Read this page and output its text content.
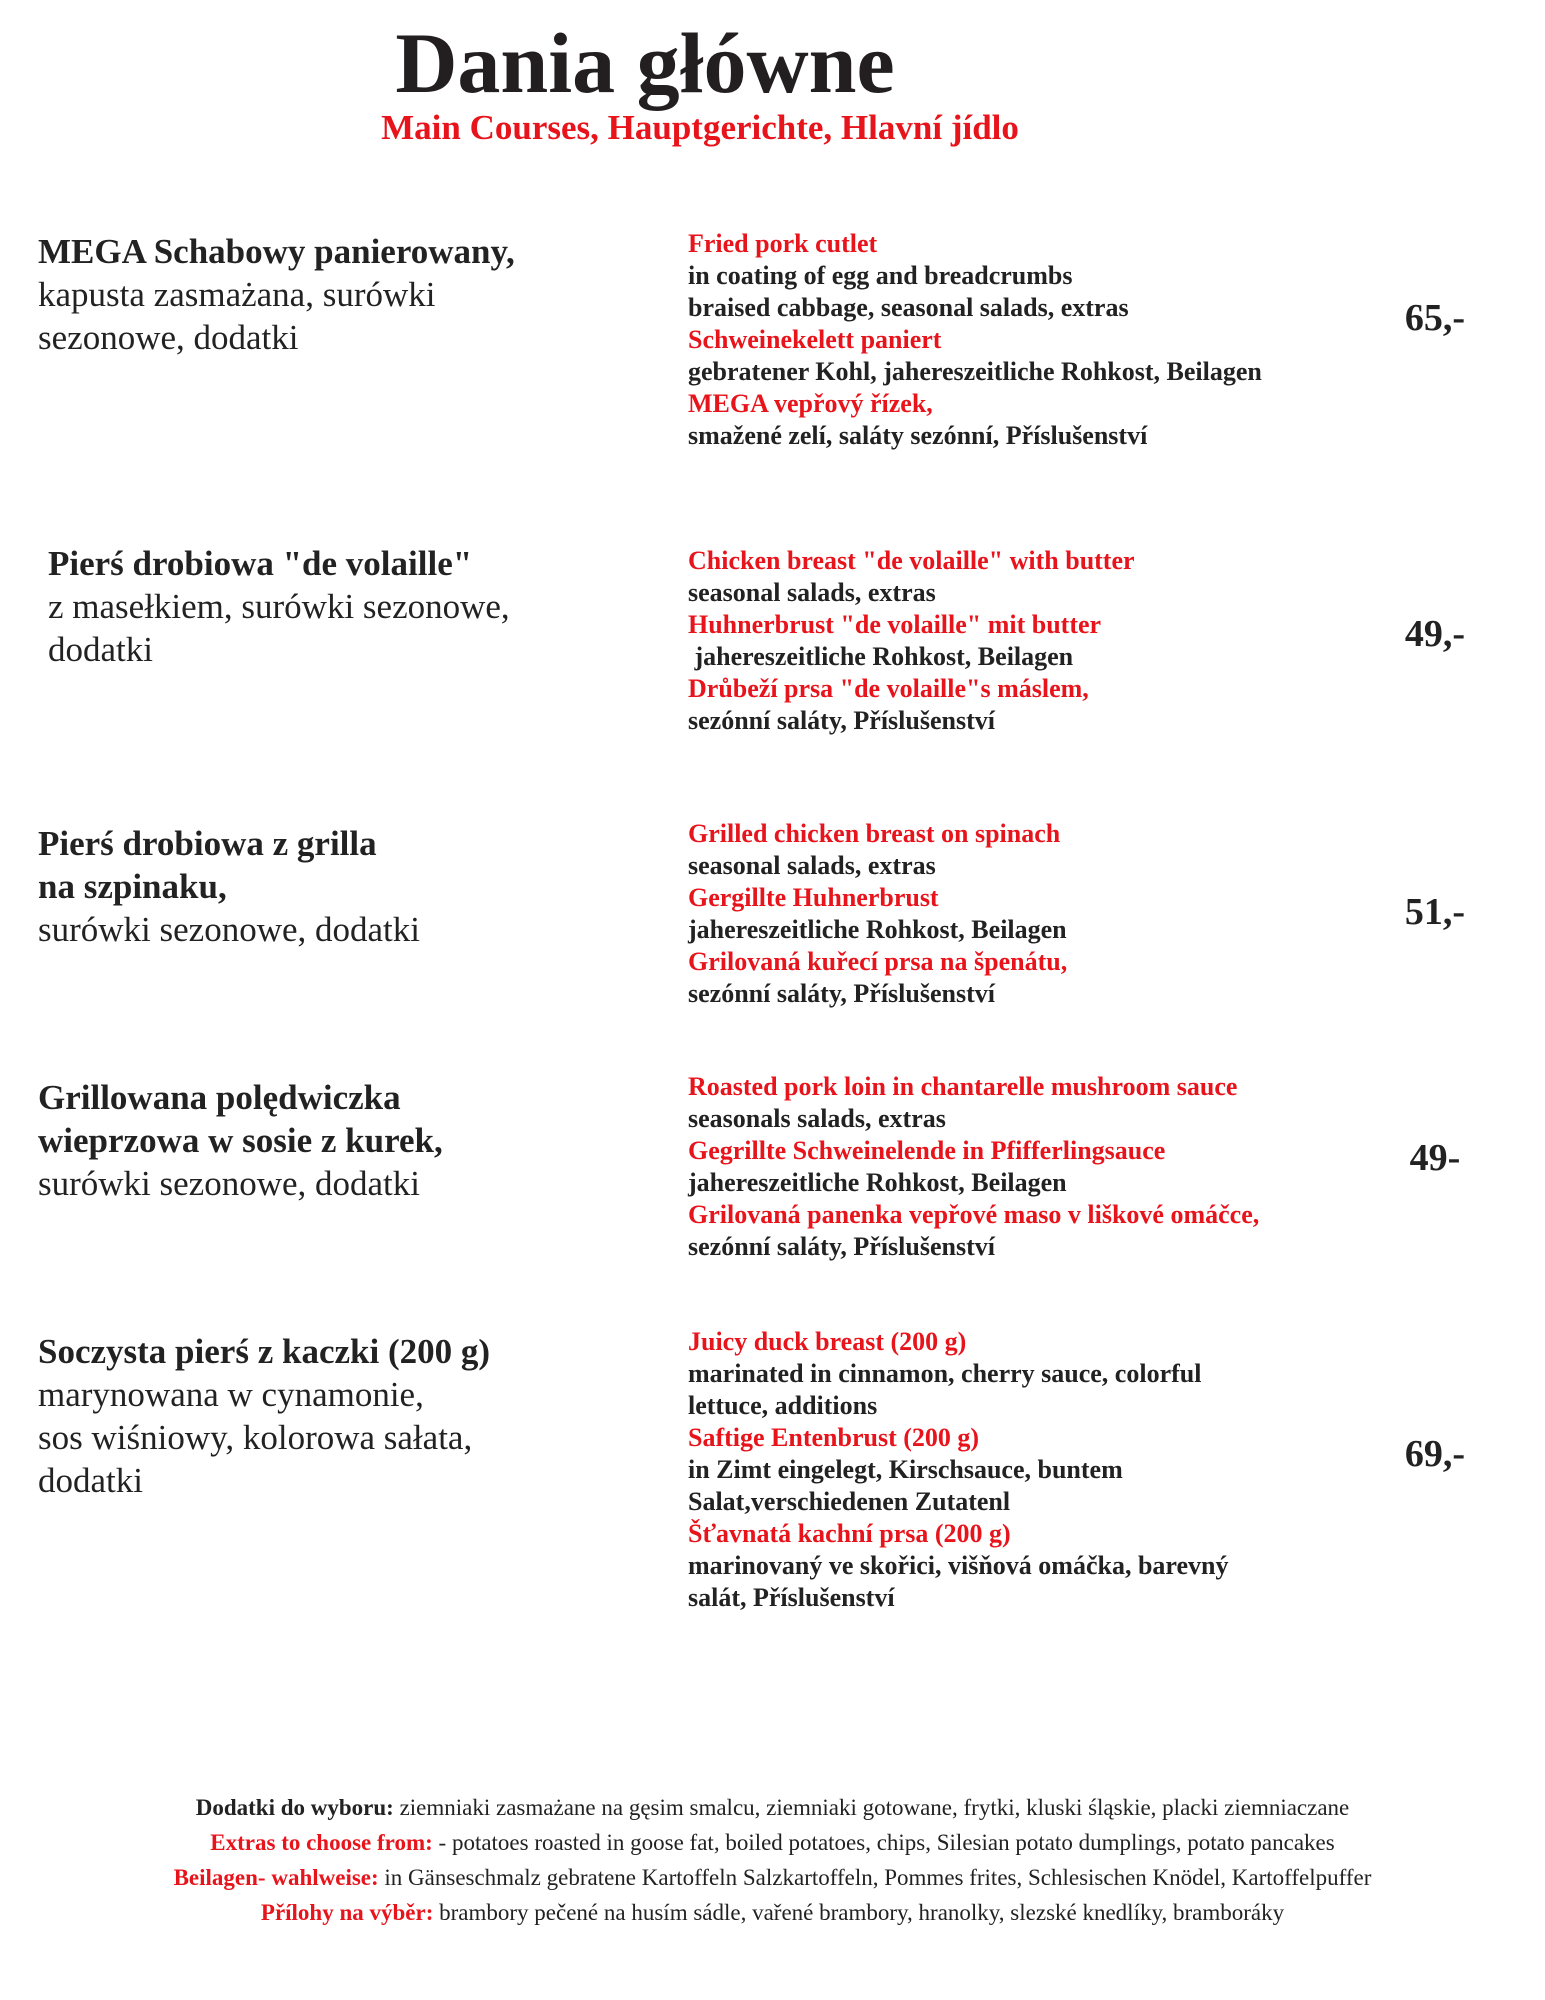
Dania główne
Main Courses, Hauptgerichte, Hlavní jídlo
MEGA Schabowy panierowany,
kapusta zasmażana, surówki
sezonowe, dodatki
Fried pork cutlet
in coating of egg and breadcrumbs
braised cabbage, seasonal salads, extras
Schweinekelett paniert
gebratener Kohl, jahereszeitliche Rohkost, Beilagen
MEGA vepřový řízek,
smažené zelí, saláty sezónní, Příslušenství
65,-
Pierś drobiowa "de volaille"
z masełkiem, surówki sezonowe,
dodatki
Chicken breast "de volaille" with butter
seasonal salads, extras
Huhnerbrust "de volaille" mit butter
jahereszeitliche Rohkost, Beilagen
Drůbeží prsa "de volaille"s máslem,
sezónní saláty, Příslušenství
49,-
Pierś drobiowa z grilla
na szpinaku,
surówki sezonowe, dodatki
Grilled chicken breast on spinach
seasonal salads, extras
Gergillte Huhnerbrust
jahereszeitliche Rohkost, Beilagen
Grilovaná kuřecí prsa na špenátu,
sezónní saláty, Příslušenství
51,-
Grillowana polędwiczka
wieprzowa w sosie z kurek,
surówki sezonowe, dodatki
Roasted pork loin in chantarelle mushroom sauce
seasonals salads, extras
Gegrillte Schweinelende in Pfifferlingsauce
jahereszeitliche Rohkost, Beilagen
Grilovaná panenka vepřové maso v liškové omáčce,
sezónní saláty, Příslušenství
49-
Soczysta pierś z kaczki (200 g)
marynowana w cynamonie,
sos wiśniowy, kolorowa sałata,
dodatki
Juicy duck breast (200 g)
marinated in cinnamon, cherry sauce, colorful
lettuce, additions
Saftige Entenbrust (200 g)
in Zimt eingelegt, Kirschsauce, buntem
Salat,verschiedenen Zutatenl
Šťavnatá kachní prsa (200 g)
marinovaný ve skořici, višňová omáčka, barevný
salát, Příslušenství
69,-
Dodatki do wyboru: ziemniaki zasmażane na gęsim smalcu, ziemniaki gotowane, frytki, kluski śląskie, placki ziemniaczane
Extras to choose from: - potatoes roasted in goose fat, boiled potatoes, chips, Silesian potato dumplings, potato pancakes
Beilagen- wahlweise: in Gänseschmalz gebratene Kartoffeln Salzkartoffeln, Pommes frites, Schlesischen Knödel, Kartoffelpuffer
Přílohy na výběr: brambory pečené na husím sádle, vařené brambory, hranolky, slezské knedlíky, bramboráky
